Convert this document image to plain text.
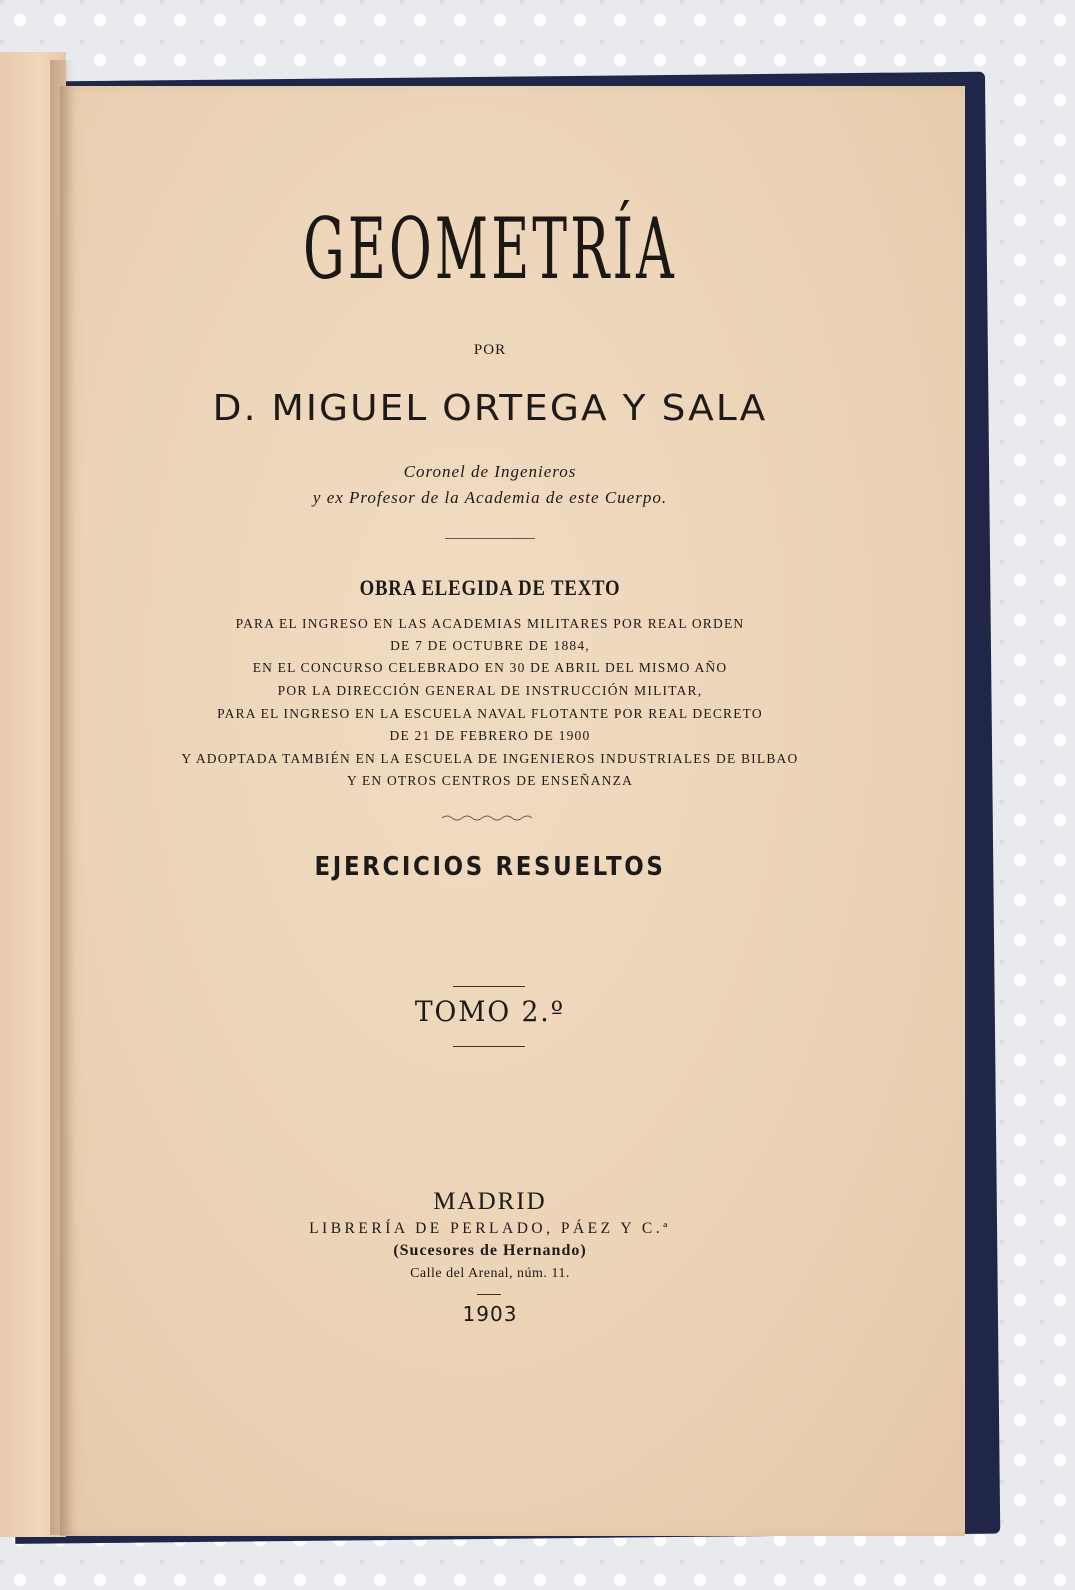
GEOMETRÍA
POR
D. MIGUEL ORTEGA Y SALA
Coronel de Ingenieros
y ex Profesor de la Academia de este Cuerpo.
OBRA ELEGIDA DE TEXTO
PARA EL INGRESO EN LAS ACADEMIAS MILITARES POR REAL ORDEN
DE 7 DE OCTUBRE DE 1884,
EN EL CONCURSO CELEBRADO EN 30 DE ABRIL DEL MISMO AÑO
POR LA DIRECCIÓN GENERAL DE INSTRUCCIÓN MILITAR,
PARA EL INGRESO EN LA ESCUELA NAVAL FLOTANTE POR REAL DECRETO
DE 21 DE FEBRERO DE 1900
Y ADOPTADA TAMBIÉN EN LA ESCUELA DE INGENIEROS INDUSTRIALES DE BILBAO
Y EN OTROS CENTROS DE ENSEÑANZA
EJERCICIOS RESUELTOS
TOMO 2.º
MADRID
LIBRERÍA DE PERLADO, PÁEZ Y C.ª
(Sucesores de Hernando)
Calle del Arenal, núm. 11.
1903
